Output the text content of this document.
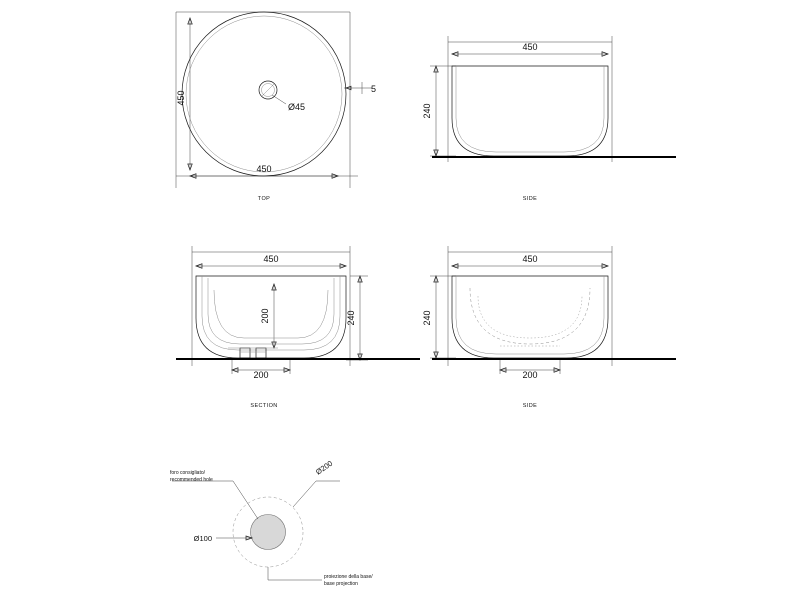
450
450
Ø45
5
TOP
450
240
SIDE
450
240
200
200
SECTION
450
240
200
SIDE
foro consigliato/
recommended hole
Ø200
Ø100
proiezione della base/
base projection
